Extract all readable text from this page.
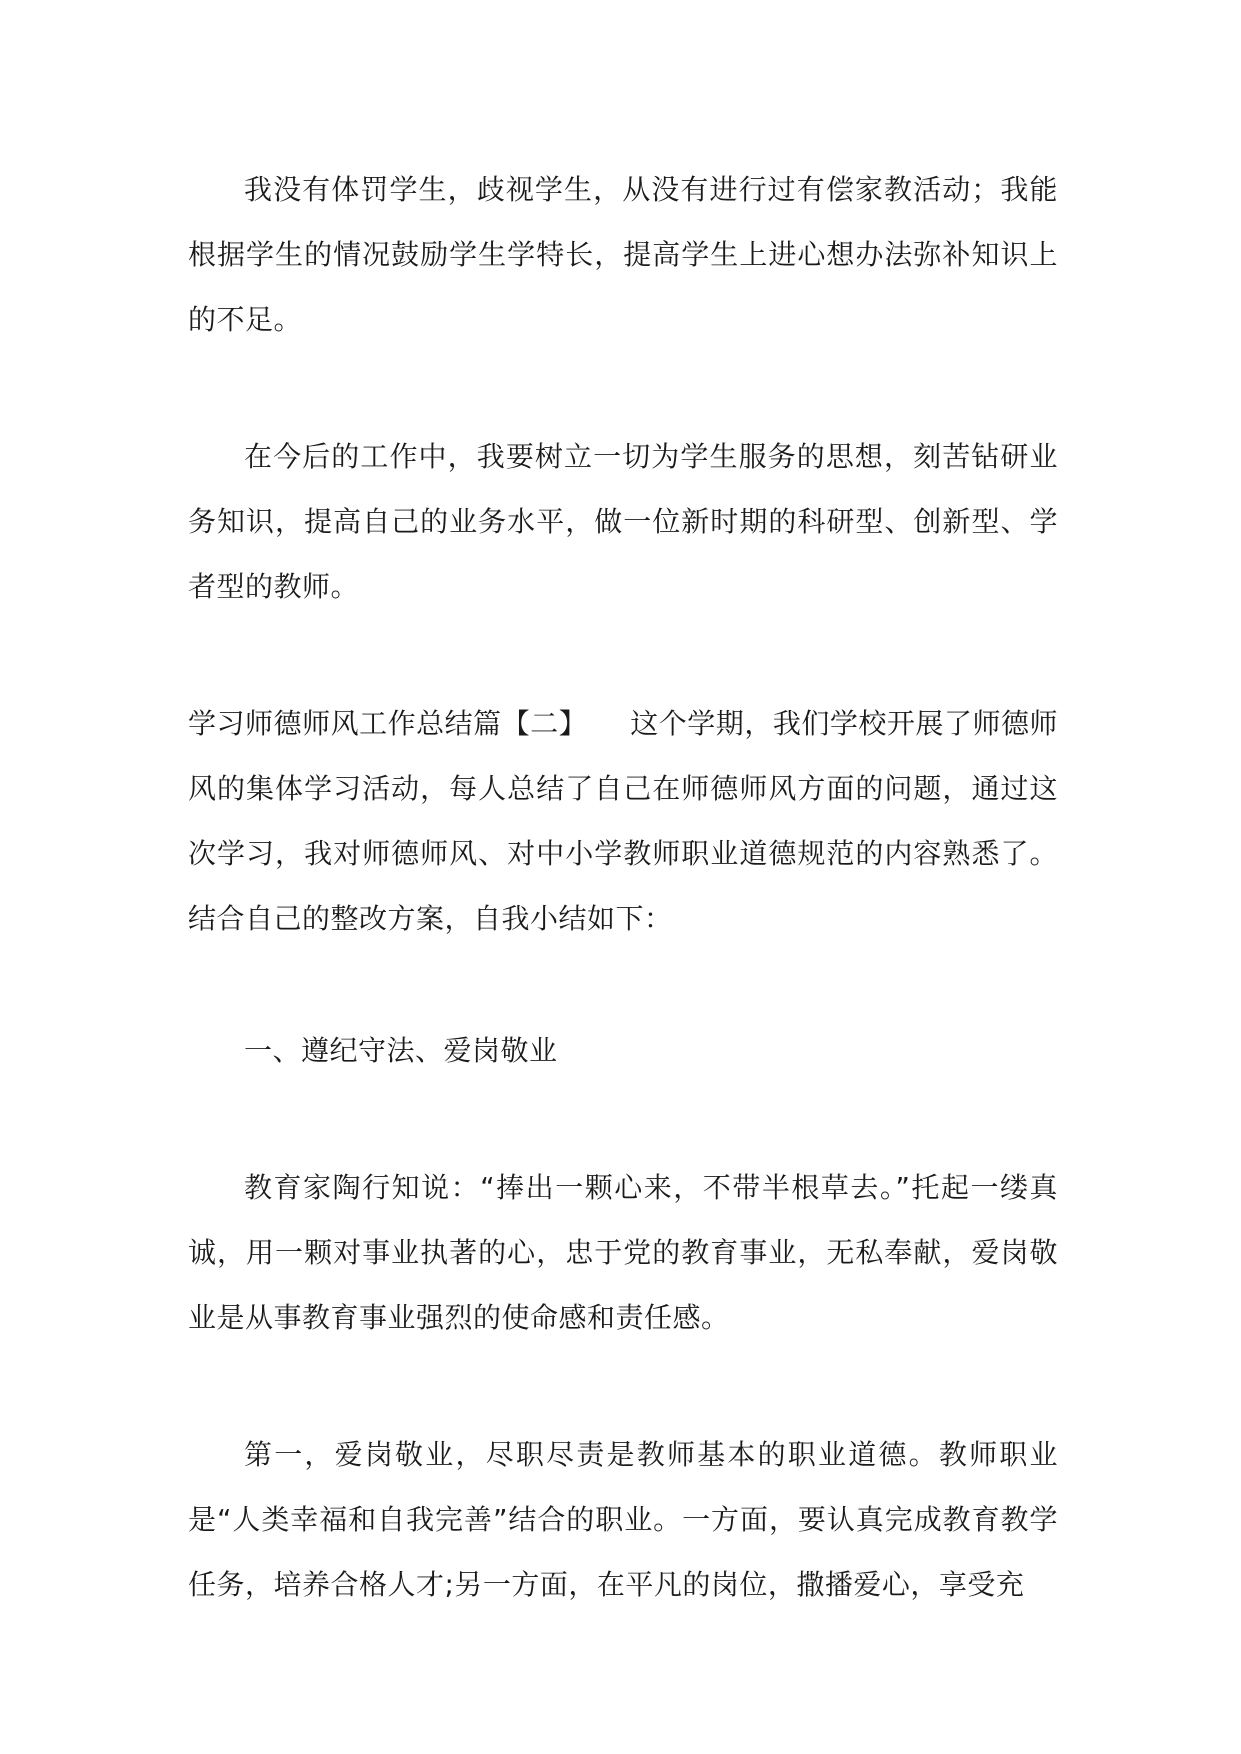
我没有体罚学生，歧视学生，从没有进行过有偿家教活动；我能根据学生的情况鼓励学生学特长，提高学生上进心想办法弥补知识上的不足。

在今后的工作中，我要树立一切为学生服务的思想，刻苦钻研业务知识，提高自己的业务水平，做一位新时期的科研型、创新型、学者型的教师。

学习师德师风工作总结篇【二】　　这个学期，我们学校开展了师德师风的集体学习活动，每人总结了自己在师德师风方面的问题，通过这次学习，我对师德师风、对中小学教师职业道德规范的内容熟悉了。结合自己的整改方案，自我小结如下：

一、遵纪守法、爱岗敬业

教育家陶行知说：“捧出一颗心来，不带半根草去。”托起一缕真诚，用一颗对事业执著的心，忠于党的教育事业，无私奉献，爱岗敬业是从事教育事业强烈的使命感和责任感。

第一，爱岗敬业，尽职尽责是教师基本的职业道德。教师职业是“人类幸福和自我完善”结合的职业。一方面，要认真完成教育教学任务，培养合格人才;另一方面，在平凡的岗位，撒播爱心，享受充
